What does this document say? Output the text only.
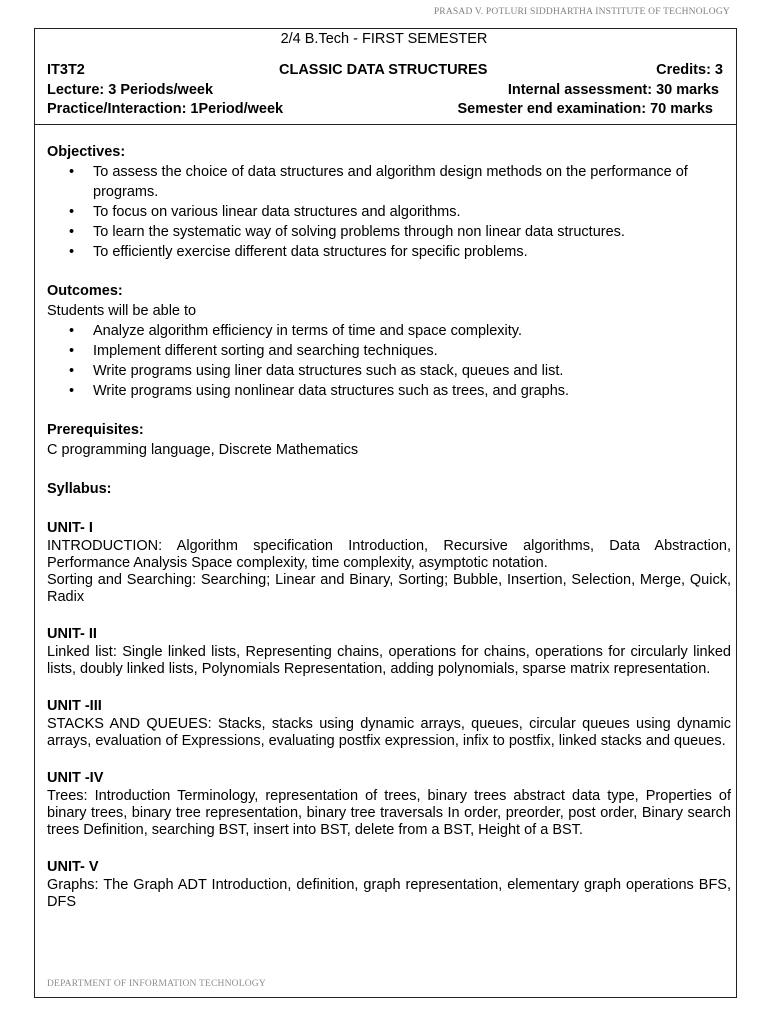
PRASAD V. POTLURI SIDDHARTHA INSTITUTE OF TECHNOLOGY
2/4 B.Tech - FIRST SEMESTER
IT3T2	CLASSIC DATA STRUCTURES	Credits: 3
Lecture: 3 Periods/week	Internal assessment: 30 marks
Practice/Interaction: 1Period/week	Semester end examination: 70 marks

Objectives:

• To assess the choice of data structures and algorithm design methods on the performance of programs.
• To focus on various linear data structures and algorithms.
• To learn the systematic way of solving problems through non linear data structures.
• To efficiently exercise different data structures for specific problems.

Outcomes:

Students will be able to

• Analyze algorithm efficiency in terms of time and space complexity.
• Implement different sorting and searching techniques.
• Write programs using liner data structures such as stack, queues and list.
• Write programs using nonlinear data structures such as trees, and graphs.

Prerequisites:

C programming language, Discrete Mathematics

Syllabus:

UNIT- I

INTRODUCTION: Algorithm specification Introduction, Recursive algorithms, Data Abstraction, Performance Analysis Space complexity, time complexity, asymptotic notation.

Sorting and Searching: Searching; Linear and Binary, Sorting; Bubble, Insertion, Selection, Merge, Quick, Radix

UNIT- II

Linked list: Single linked lists, Representing chains, operations for chains, operations for circularly linked lists, doubly linked lists, Polynomials Representation, adding polynomials, sparse matrix representation.

UNIT -III

STACKS AND QUEUES: Stacks, stacks using dynamic arrays, queues, circular queues using dynamic arrays, evaluation of Expressions, evaluating postfix expression, infix to postfix, linked stacks and queues.

UNIT -IV

Trees: Introduction Terminology, representation of trees, binary trees abstract data type, Properties of binary trees, binary tree representation, binary tree traversals In order, preorder, post order, Binary search trees Definition, searching BST, insert into BST, delete from a BST, Height of a BST.

UNIT- V

Graphs: The Graph ADT Introduction, definition, graph representation, elementary graph operations BFS, DFS

DEPARTMENT OF INFORMATION TECHNOLOGY
